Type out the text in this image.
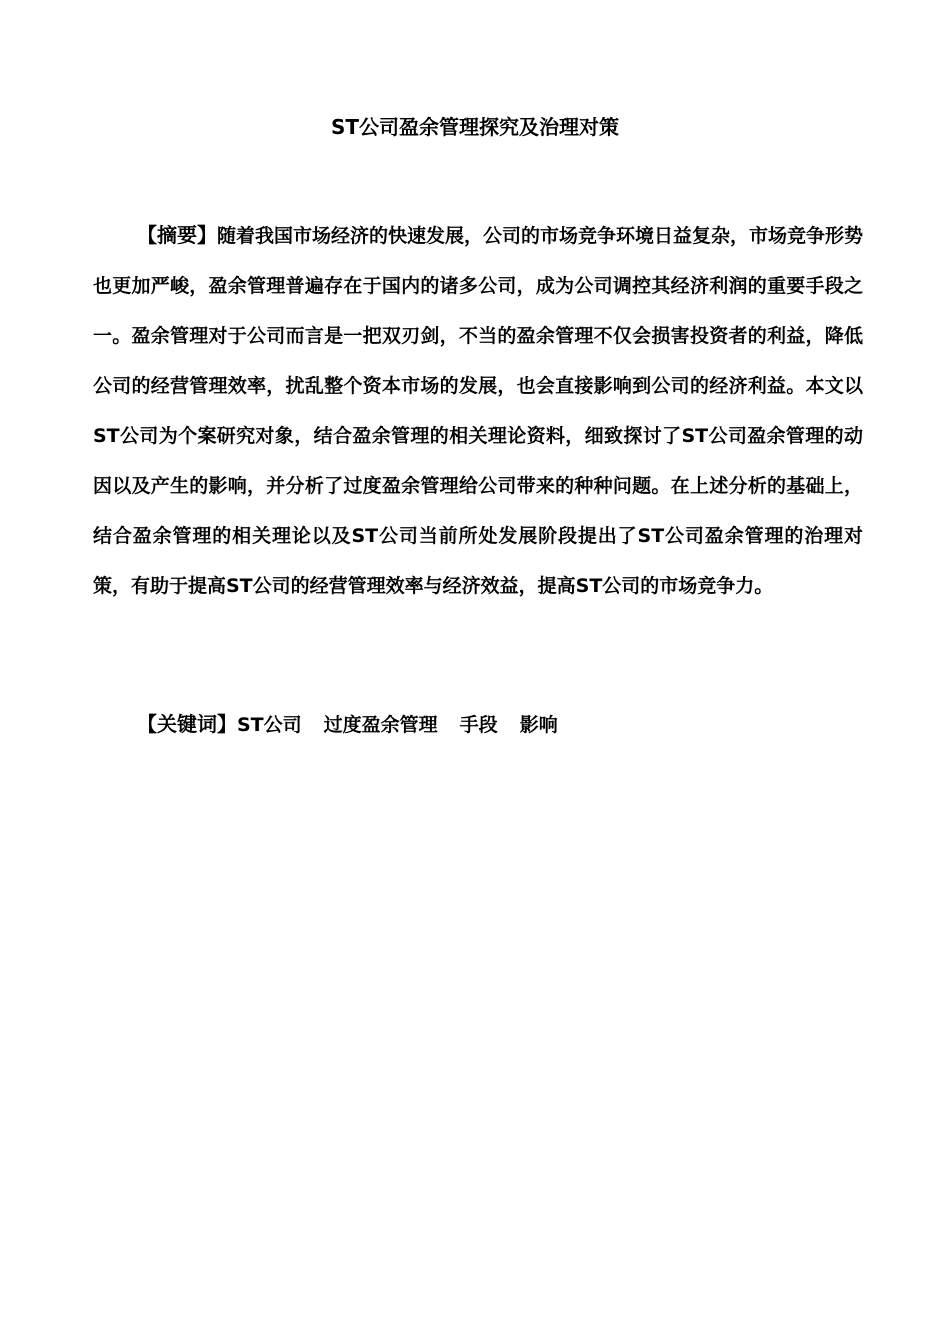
ST公司盈余管理探究及治理对策

【摘要】随着我国市场经济的快速发展，公司的市场竞争环境日益复杂，市场竞争形势也更加严峻，盈余管理普遍存在于国内的诸多公司，成为公司调控其经济利润的重要手段之一。盈余管理对于公司而言是一把双刃剑，不当的盈余管理不仅会损害投资者的利益，降低公司的经营管理效率，扰乱整个资本市场的发展，也会直接影响到公司的经济利益。本文以ST公司为个案研究对象，结合盈余管理的相关理论资料，细致探讨了ST公司盈余管理的动因以及产生的影响，并分析了过度盈余管理给公司带来的种种问题。在上述分析的基础上，结合盈余管理的相关理论以及ST公司当前所处发展阶段提出了ST公司盈余管理的治理对策，有助于提高ST公司的经营管理效率与经济效益，提高ST公司的市场竞争力。

【关键词】ST公司 过度盈余管理 手段 影响
